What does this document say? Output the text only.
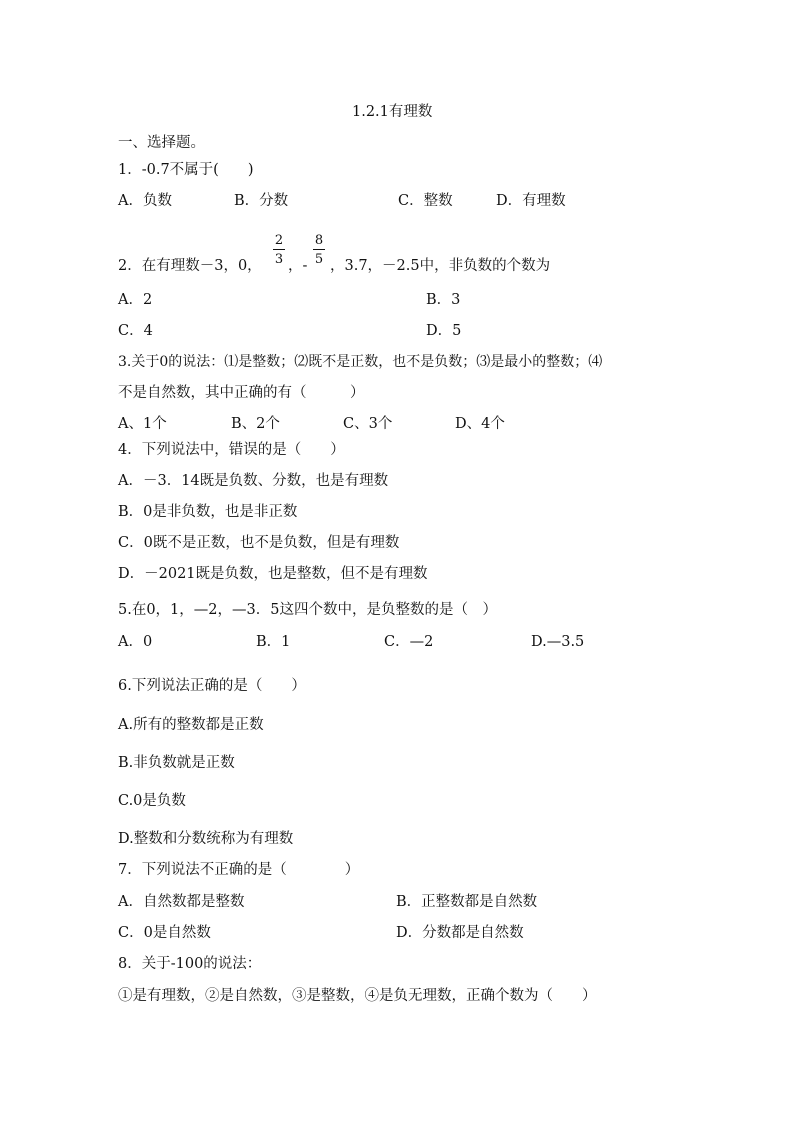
1.2.1有理数
一、选择题。
1．-0.7不属于(　　)
A．负数	B．分数	C．整数	D．有理数
2．在有理数－3，0，
2
3 ，-
8
5 ，3.7，－2.5中，非负数的个数为
A．2	B．3
C．4	D．5
3.关于0的说法：⑴是整数；⑵既不是正数，也不是负数；⑶是最小的整数；⑷
不是自然数，其中正确的有（　　　）
A、1个	B、2个	C、3个	D、4个
4．下列说法中，错误的是（　　）
A．－3．14既是负数、分数，也是有理数
B．0是非负数，也是非正数
C．0既不是正数，也不是负数，但是有理数
D．－2021既是负数，也是整数，但不是有理数
5.在0，1，—2，—3．5这四个数中，是负整数的是（　）
A．0	B．1	C．—2	D.—3.5
6.下列说法正确的是（　　）
A.所有的整数都是正数
B.非负数就是正数
C.0是负数
D.整数和分数统称为有理数
7．下列说法不正确的是（　　　　）
A．自然数都是整数	B．正整数都是自然数
C．0是自然数	D．分数都是自然数
8．关于-100的说法：
①是有理数，②是自然数，③是整数，④是负无理数，正确个数为（　　）
